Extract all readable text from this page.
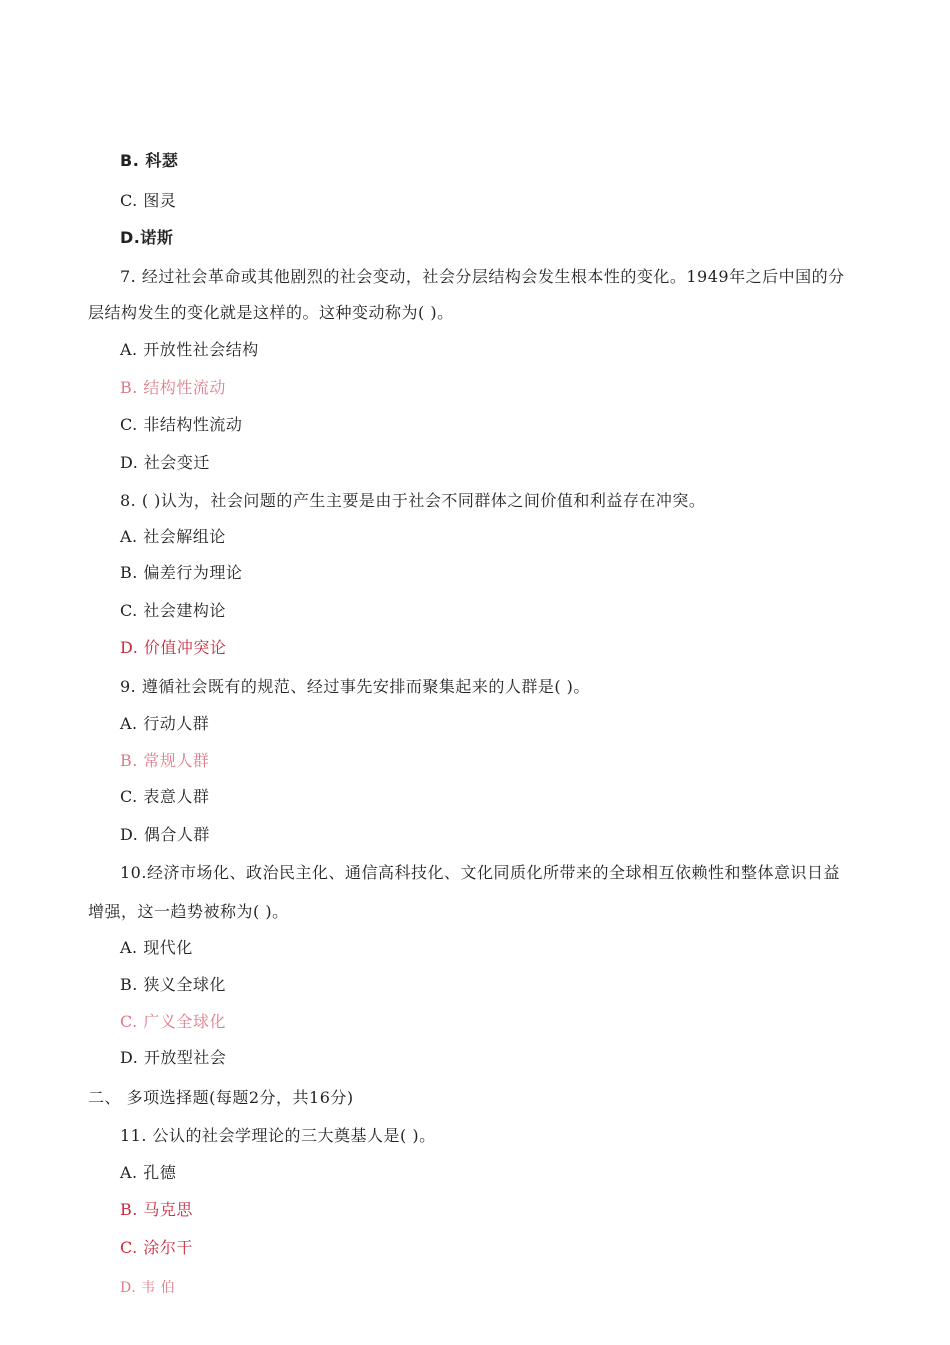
B. 科瑟
C. 图灵
D.诺斯
7. 经过社会革命或其他剧烈的社会变动，社会分层结构会发生根本性的变化。1949年之后中国的分
层结构发生的变化就是这样的。这种变动称为( )。
A. 开放性社会结构
B. 结构性流动
C. 非结构性流动
D. 社会变迁
8. ( )认为，社会问题的产生主要是由于社会不同群体之间价值和利益存在冲突。
A. 社会解组论
B. 偏差行为理论
C. 社会建构论
D. 价值冲突论
9. 遵循社会既有的规范、经过事先安排而聚集起来的人群是( )。
A. 行动人群
B. 常规人群
C. 表意人群
D. 偶合人群
10.经济市场化、政治民主化、通信高科技化、文化同质化所带来的全球相互依赖性和整体意识日益
增强，这一趋势被称为( )。
A. 现代化
B. 狭义全球化
C. 广义全球化
D. 开放型社会
二、 多项选择题(每题2分，共16分)
11. 公认的社会学理论的三大奠基人是( )。
A. 孔德
B. 马克思
C. 涂尔干
D. 韦 伯
